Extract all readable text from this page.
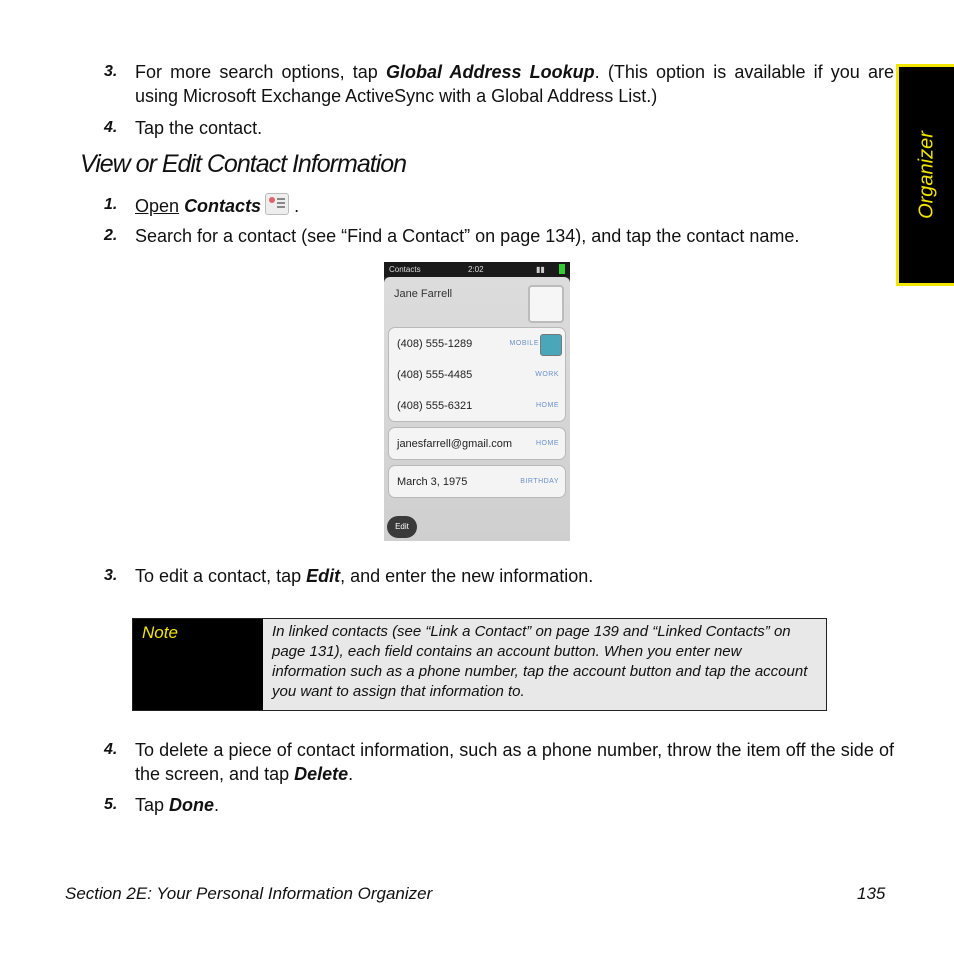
Organizer
3. For more search options, tap Global Address Lookup. (This option is available if you are using Microsoft Exchange ActiveSync with a Global Address List.)
4. Tap the contact.
View or Edit Contact Information
1. Open Contacts .
2. Search for a contact (see “Find a Contact” on page 134), and tap the contact name.
Contacts	2:02	▮▮
Jane Farrell
(408) 555-1289	MOBILE
(408) 555-4485	WORK
(408) 555-6321	HOME
janesfarrell@gmail.com	HOME
March 3, 1975	BIRTHDAY
Edit
3. To edit a contact, tap Edit, and enter the new information.
Note	In linked contacts (see “Link a Contact” on page 139 and “Linked Contacts” on page 131), each field contains an account button. When you enter new information such as a phone number, tap the account button and tap the account you want to assign that information to.
4. To delete a piece of contact information, such as a phone number, throw the item off the side of the screen, and tap Delete.
5. Tap Done.
Section 2E: Your Personal Information Organizer	135
